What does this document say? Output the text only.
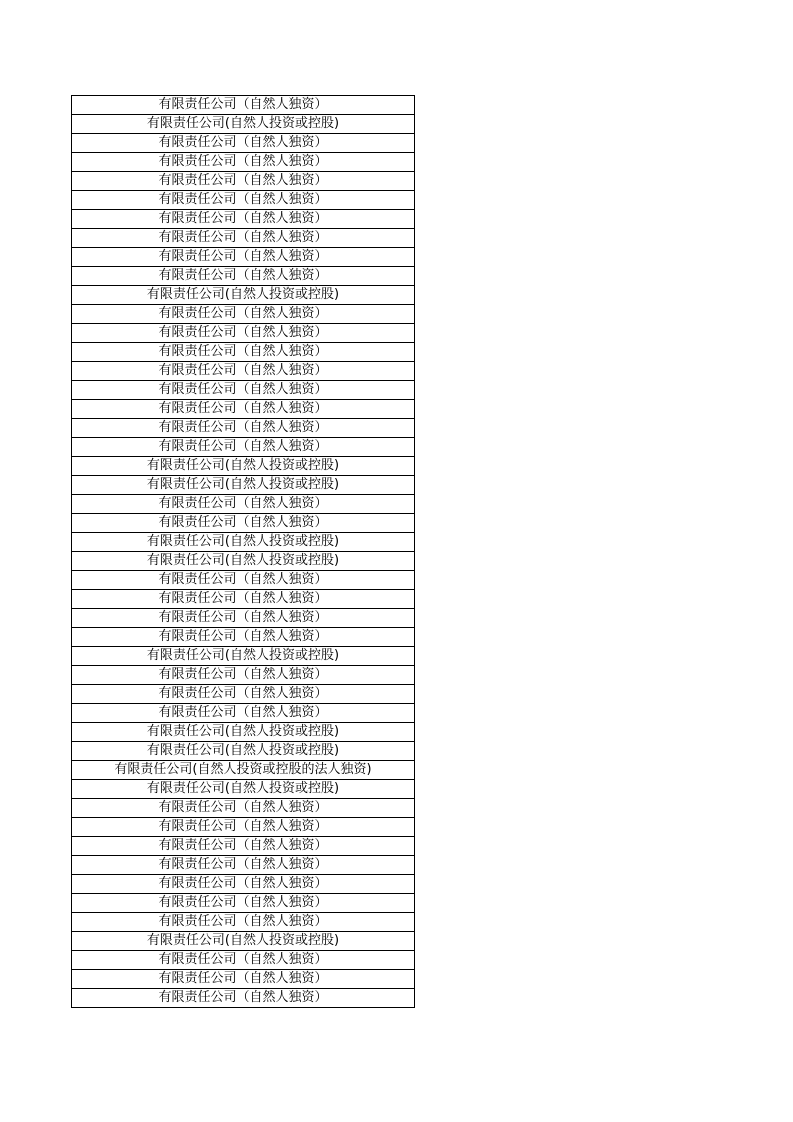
有限责任公司（自然人独资）
有限责任公司(自然人投资或控股)
有限责任公司（自然人独资）
有限责任公司（自然人独资）
有限责任公司（自然人独资）
有限责任公司（自然人独资）
有限责任公司（自然人独资）
有限责任公司（自然人独资）
有限责任公司（自然人独资）
有限责任公司（自然人独资）
有限责任公司(自然人投资或控股)
有限责任公司（自然人独资）
有限责任公司（自然人独资）
有限责任公司（自然人独资）
有限责任公司（自然人独资）
有限责任公司（自然人独资）
有限责任公司（自然人独资）
有限责任公司（自然人独资）
有限责任公司（自然人独资）
有限责任公司(自然人投资或控股)
有限责任公司(自然人投资或控股)
有限责任公司（自然人独资）
有限责任公司（自然人独资）
有限责任公司(自然人投资或控股)
有限责任公司(自然人投资或控股)
有限责任公司（自然人独资）
有限责任公司（自然人独资）
有限责任公司（自然人独资）
有限责任公司（自然人独资）
有限责任公司(自然人投资或控股)
有限责任公司（自然人独资）
有限责任公司（自然人独资）
有限责任公司（自然人独资）
有限责任公司(自然人投资或控股)
有限责任公司(自然人投资或控股)
有限责任公司(自然人投资或控股的法人独资)
有限责任公司(自然人投资或控股)
有限责任公司（自然人独资）
有限责任公司（自然人独资）
有限责任公司（自然人独资）
有限责任公司（自然人独资）
有限责任公司（自然人独资）
有限责任公司（自然人独资）
有限责任公司（自然人独资）
有限责任公司(自然人投资或控股)
有限责任公司（自然人独资）
有限责任公司（自然人独资）
有限责任公司（自然人独资）
